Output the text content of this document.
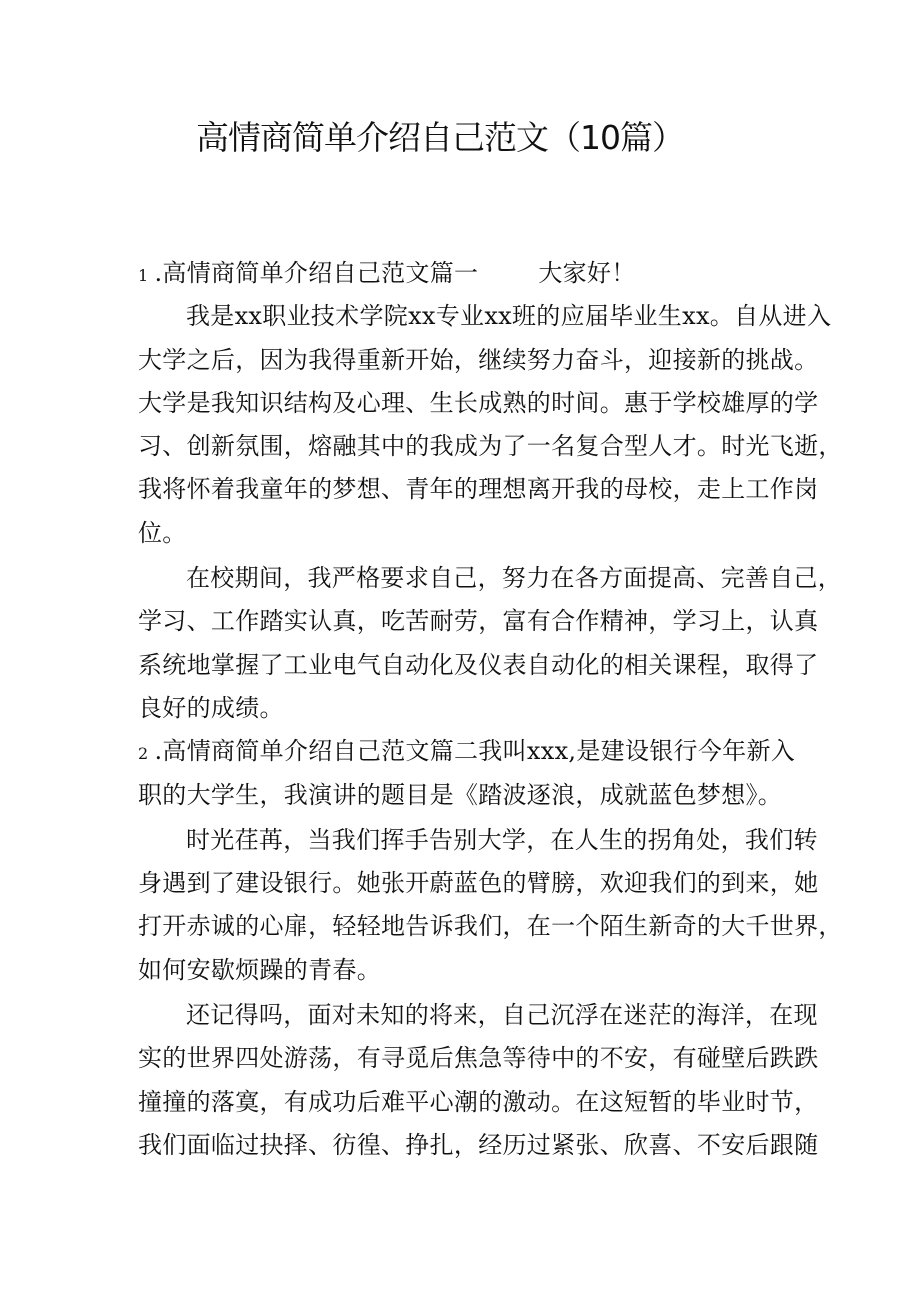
高情商简单介绍自己范文（10篇）
1 .高情商简单介绍自己范文篇一	大家好！
我是xx职业技术学院xx专业xx班的应届毕业生xx。自从进入
大学之后，因为我得重新开始，继续努力奋斗，迎接新的挑战。
大学是我知识结构及心理、生长成熟的时间。惠于学校雄厚的学
习、创新氛围，熔融其中的我成为了一名复合型人才。时光飞逝，
我将怀着我童年的梦想、青年的理想离开我的母校，走上工作岗
位。
在校期间，我严格要求自己，努力在各方面提高、完善自己，
学习、工作踏实认真，吃苦耐劳，富有合作精神，学习上，认真
系统地掌握了工业电气自动化及仪表自动化的相关课程，取得了
良好的成绩。
2 .高情商简单介绍自己范文篇二我叫xxx,是建设银行今年新入
职的大学生，我演讲的题目是《踏波逐浪，成就蓝色梦想》。
时光荏苒，当我们挥手告别大学，在人生的拐角处，我们转
身遇到了建设银行。她张开蔚蓝色的臂膀，欢迎我们的到来，她
打开赤诚的心扉，轻轻地告诉我们，在一个陌生新奇的大千世界，
如何安歇烦躁的青春。
还记得吗，面对未知的将来，自己沉浮在迷茫的海洋，在现
实的世界四处游荡，有寻觅后焦急等待中的不安，有碰壁后跌跌
撞撞的落寞，有成功后难平心潮的激动。在这短暂的毕业时节，
我们面临过抉择、彷徨、挣扎，经历过紧张、欣喜、不安后跟随
